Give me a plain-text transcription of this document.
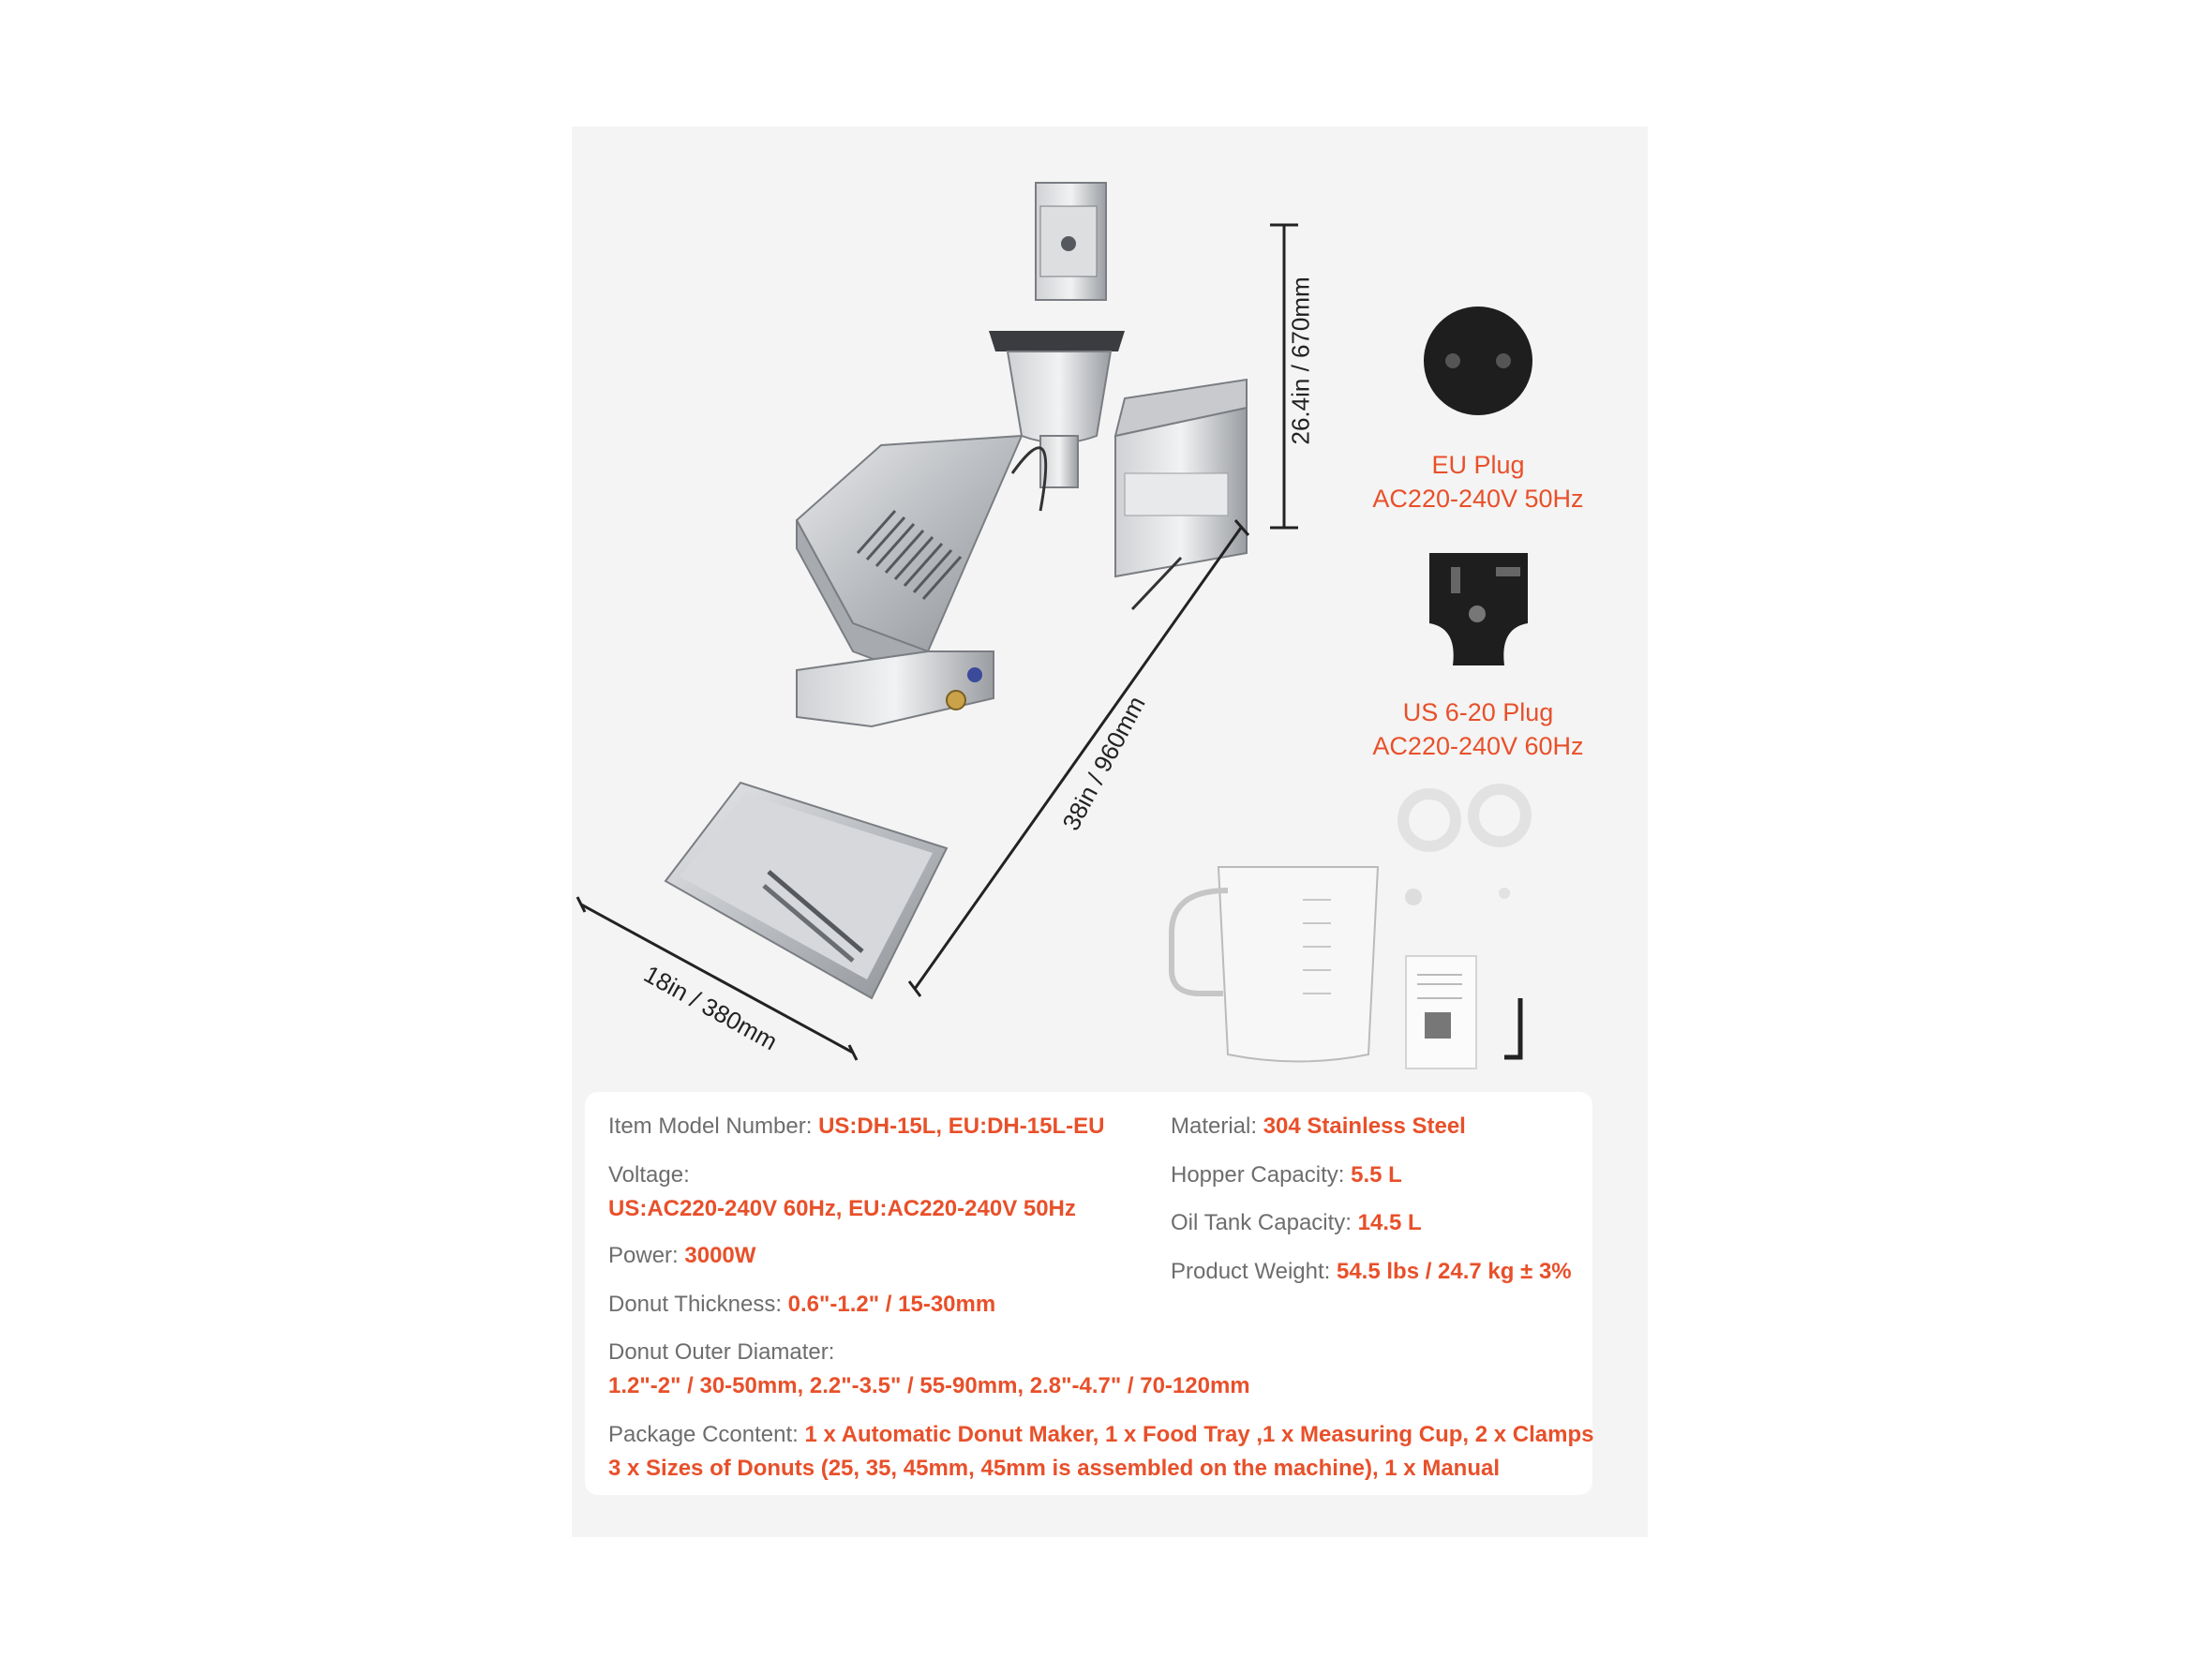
26.4in / 670mm
38in / 960mm
18in / 380mm
EU Plug
AC220-240V 50Hz
US 6-20 Plug
AC220-240V 60Hz
Item Model Number: US:DH-15L, EU:DH-15L-EU
Voltage:
US:AC220-240V 60Hz, EU:AC220-240V 50Hz
Power: 3000W
Donut Thickness: 0.6"-1.2" / 15-30mm
Donut Outer Diamater:
1.2"-2" / 30-50mm, 2.2"-3.5" / 55-90mm, 2.8"-4.7" / 70-120mm
Package Ccontent: 1 x Automatic Donut Maker, 1 x Food Tray ,1 x Measuring Cup, 2 x Clamps
3 x Sizes of Donuts (25, 35, 45mm, 45mm is assembled on the machine), 1 x Manual
Material: 304 Stainless Steel
Hopper Capacity: 5.5 L
Oil Tank Capacity: 14.5 L
Product Weight: 54.5 lbs / 24.7 kg ± 3%
